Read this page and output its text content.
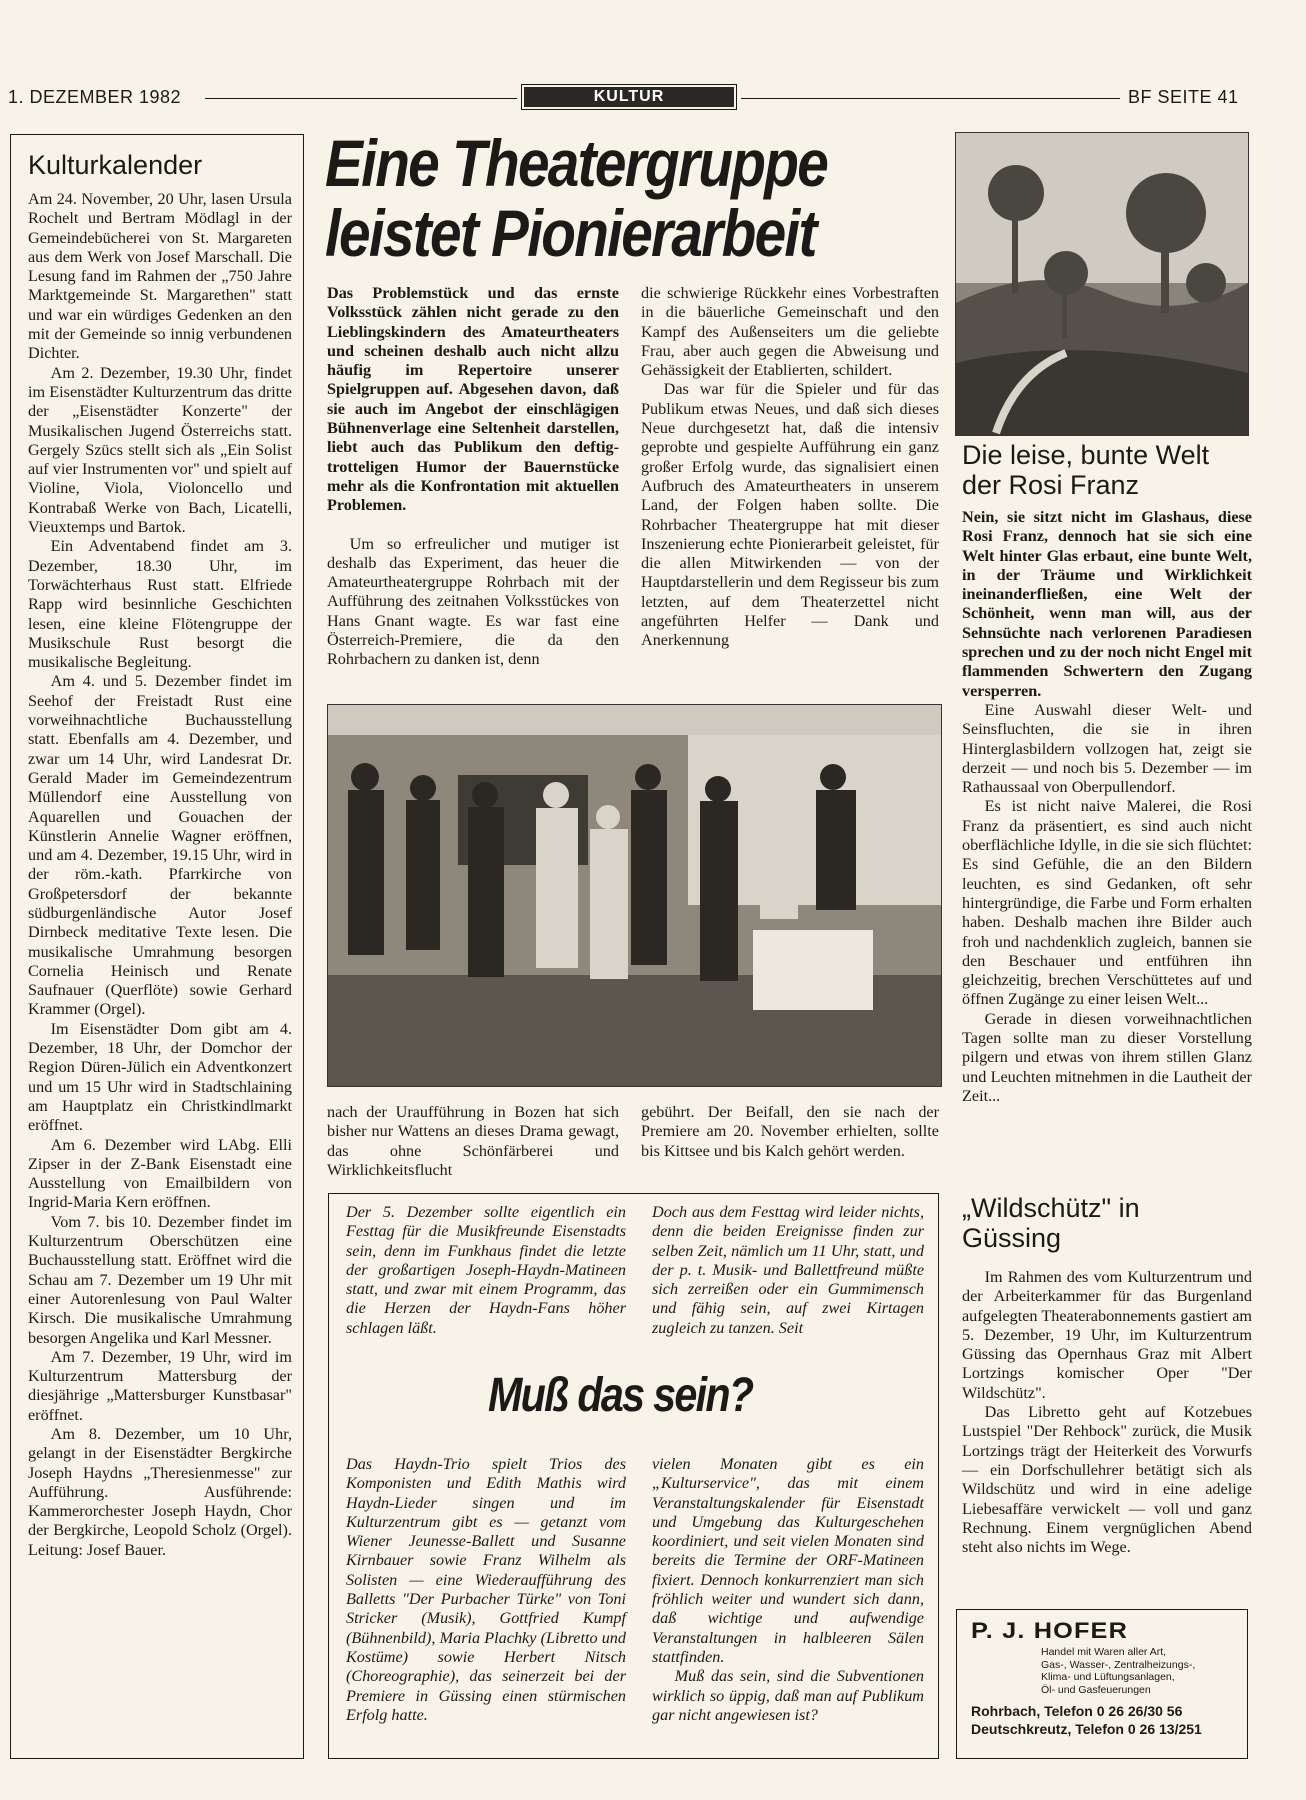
1. DEZEMBER 1982	KULTUR	BF SEITE 41
Kulturkalender

Am 24. November, 20 Uhr, lasen Ursula Rochelt und Bertram Mödlagl in der Gemeindebücherei von St. Margareten aus dem Werk von Josef Marschall. Die Lesung fand im Rahmen der „750 Jahre Marktgemeinde St. Margarethen" statt und war ein würdiges Gedenken an den mit der Gemeinde so innig verbundenen Dichter.

Am 2. Dezember, 19.30 Uhr, findet im Eisenstädter Kulturzentrum das dritte der „Eisenstädter Konzerte" der Musikalischen Jugend Österreichs statt. Gergely Szücs stellt sich als „Ein Solist auf vier Instrumenten vor" und spielt auf Violine, Viola, Violoncello und Kontrabaß Werke von Bach, Licatelli, Vieuxtemps und Bartok.

Ein Adventabend findet am 3. Dezember, 18.30 Uhr, im Torwächterhaus Rust statt. Elfriede Rapp wird besinnliche Geschichten lesen, eine kleine Flötengruppe der Musikschule Rust besorgt die musikalische Begleitung.

Am 4. und 5. Dezember findet im Seehof der Freistadt Rust eine vorweihnachtliche Buchausstellung statt. Ebenfalls am 4. Dezember, und zwar um 14 Uhr, wird Landesrat Dr. Gerald Mader im Gemeindezentrum Müllendorf eine Ausstellung von Aquarellen und Gouachen der Künstlerin Annelie Wagner eröffnen, und am 4. Dezember, 19.15 Uhr, wird in der röm.-kath. Pfarrkirche von Großpetersdorf der bekannte südburgenländische Autor Josef Dirnbeck meditative Texte lesen. Die musikalische Umrahmung besorgen Cornelia Heinisch und Renate Saufnauer (Querflöte) sowie Gerhard Krammer (Orgel).

Im Eisenstädter Dom gibt am 4. Dezember, 18 Uhr, der Domchor der Region Düren-Jülich ein Adventkonzert und um 15 Uhr wird in Stadtschlaining am Hauptplatz ein Christkindlmarkt eröffnet.

Am 6. Dezember wird LAbg. Elli Zipser in der Z-Bank Eisenstadt eine Ausstellung von Emailbildern von Ingrid-Maria Kern eröffnen.

Vom 7. bis 10. Dezember findet im Kulturzentrum Oberschützen eine Buchausstellung statt. Eröffnet wird die Schau am 7. Dezember um 19 Uhr mit einer Autorenlesung von Paul Walter Kirsch. Die musikalische Umrahmung besorgen Angelika und Karl Messner.

Am 7. Dezember, 19 Uhr, wird im Kulturzentrum Mattersburg der diesjährige „Mattersburger Kunstbasar" eröffnet.

Am 8. Dezember, um 10 Uhr, gelangt in der Eisenstädter Bergkirche Joseph Haydns „Theresienmesse" zur Aufführung. Ausführende: Kammerorchester Joseph Haydn, Chor der Bergkirche, Leopold Scholz (Orgel). Leitung: Josef Bauer.

Eine Theatergruppe
leistet Pionierarbeit

Das Problemstück und das ernste Volksstück zählen nicht gerade zu den Lieblingskindern des Amateurtheaters und scheinen deshalb auch nicht allzu häufig im Repertoire unserer Spielgruppen auf. Abgesehen davon, daß sie auch im Angebot der einschlägigen Bühnenverlage eine Seltenheit darstellen, liebt auch das Publikum den deftig-trotteligen Humor der Bauernstücke mehr als die Konfrontation mit aktuellen Problemen.

Um so erfreulicher und mutiger ist deshalb das Experiment, das heuer die Amateurtheatergruppe Rohrbach mit der Aufführung des zeitnahen Volksstückes von Hans Gnant wagte. Es war fast eine Österreich-Premiere, die da den Rohrbachern zu danken ist, denn

die schwierige Rückkehr eines Vorbestraften in die bäuerliche Gemeinschaft und den Kampf des Außenseiters um die geliebte Frau, aber auch gegen die Abweisung und Gehässigkeit der Etablierten, schildert.

Das war für die Spieler und für das Publikum etwas Neues, und daß sich dieses Neue durchgesetzt hat, daß die intensiv geprobte und gespielte Aufführung ein ganz großer Erfolg wurde, das signalisiert einen Aufbruch des Amateurtheaters in unserem Land, der Folgen haben sollte. Die Rohrbacher Theatergruppe hat mit dieser Inszenierung echte Pionierarbeit geleistet, für die allen Mitwirkenden — von der Hauptdarstellerin und dem Regisseur bis zum letzten, auf dem Theaterzettel nicht angeführten Helfer — Dank und Anerkennung

nach der Uraufführung in Bozen hat sich bisher nur Wattens an dieses Drama gewagt, das ohne Schönfärberei und Wirklichkeitsflucht

gebührt. Der Beifall, den sie nach der Premiere am 20. November erhielten, sollte bis Kittsee und bis Kalch gehört werden.

Der 5. Dezember sollte eigentlich ein Festtag für die Musikfreunde Eisenstadts sein, denn im Funkhaus findet die letzte der großartigen Joseph-Haydn-Matineen statt, und zwar mit einem Programm, das die Herzen der Haydn-Fans höher schlagen läßt.

Doch aus dem Festtag wird leider nichts, denn die beiden Ereignisse finden zur selben Zeit, nämlich um 11 Uhr, statt, und der p. t. Musik- und Ballettfreund müßte sich zerreißen oder ein Gummimensch und fähig sein, auf zwei Kirtagen zugleich zu tanzen. Seit

Muß das sein?

Das Haydn-Trio spielt Trios des Komponisten und Edith Mathis wird Haydn-Lieder singen und im Kulturzentrum gibt es — getanzt vom Wiener Jeunesse-Ballett und Susanne Kirnbauer sowie Franz Wilhelm als Solisten — eine Wiederaufführung des Balletts "Der Purbacher Türke" von Toni Stricker (Musik), Gottfried Kumpf (Bühnenbild), Maria Plachky (Libretto und Kostüme) sowie Herbert Nitsch (Choreographie), das seinerzeit bei der Premiere in Güssing einen stürmischen Erfolg hatte.

vielen Monaten gibt es ein „Kulturservice", das mit einem Veranstaltungskalender für Eisenstadt und Umgebung das Kulturgeschehen koordiniert, und seit vielen Monaten sind bereits die Termine der ORF-Matineen fixiert. Dennoch konkurrenziert man sich fröhlich weiter und wundert sich dann, daß wichtige und aufwendige Veranstaltungen in halbleeren Sälen stattfinden.

Muß das sein, sind die Subventionen wirklich so üppig, daß man auf Publikum gar nicht angewiesen ist?

Die leise, bunte Welt der Rosi Franz

Nein, sie sitzt nicht im Glashaus, diese Rosi Franz, dennoch hat sie sich eine Welt hinter Glas erbaut, eine bunte Welt, in der Träume und Wirklichkeit ineinanderfließen, eine Welt der Schönheit, wenn man will, aus der Sehnsüchte nach verlorenen Paradiesen sprechen und zu der noch nicht Engel mit flammenden Schwertern den Zugang versperren.

Eine Auswahl dieser Welt- und Seinsfluchten, die sie in ihren Hinterglasbildern vollzogen hat, zeigt sie derzeit — und noch bis 5. Dezember — im Rathaussaal von Oberpullendorf.

Es ist nicht naive Malerei, die Rosi Franz da präsentiert, es sind auch nicht oberflächliche Idylle, in die sie sich flüchtet: Es sind Gefühle, die an den Bildern leuchten, es sind Gedanken, oft sehr hintergründige, die Farbe und Form erhalten haben. Deshalb machen ihre Bilder auch froh und nachdenklich zugleich, bannen sie den Beschauer und entführen ihn gleichzeitig, brechen Verschüttetes auf und öffnen Zugänge zu einer leisen Welt...

Gerade in diesen vorweihnachtlichen Tagen sollte man zu dieser Vorstellung pilgern und etwas von ihrem stillen Glanz und Leuchten mitnehmen in die Lautheit der Zeit...

„Wildschütz" in Güssing

Im Rahmen des vom Kulturzentrum und der Arbeiterkammer für das Burgenland aufgelegten Theaterabonnements gastiert am 5. Dezember, 19 Uhr, im Kulturzentrum Güssing das Opernhaus Graz mit Albert Lortzings komischer Oper "Der Wildschütz".

Das Libretto geht auf Kotzebues Lustspiel "Der Rehbock" zurück, die Musik Lortzings trägt der Heiterkeit des Vorwurfs — ein Dorfschullehrer betätigt sich als Wildschütz und wird in eine adelige Liebesaffäre verwickelt — voll und ganz Rechnung. Einem vergnüglichen Abend steht also nichts im Wege.

P. J. HOFER
Handel mit Waren aller Art,
Gas-, Wasser-, Zentralheizungs-,
Klima- und Lüftungsanlagen,
Öl- und Gasfeuerungen
Rohrbach, Telefon 0 26 26/30 56
Deutschkreutz, Telefon 0 26 13/251
